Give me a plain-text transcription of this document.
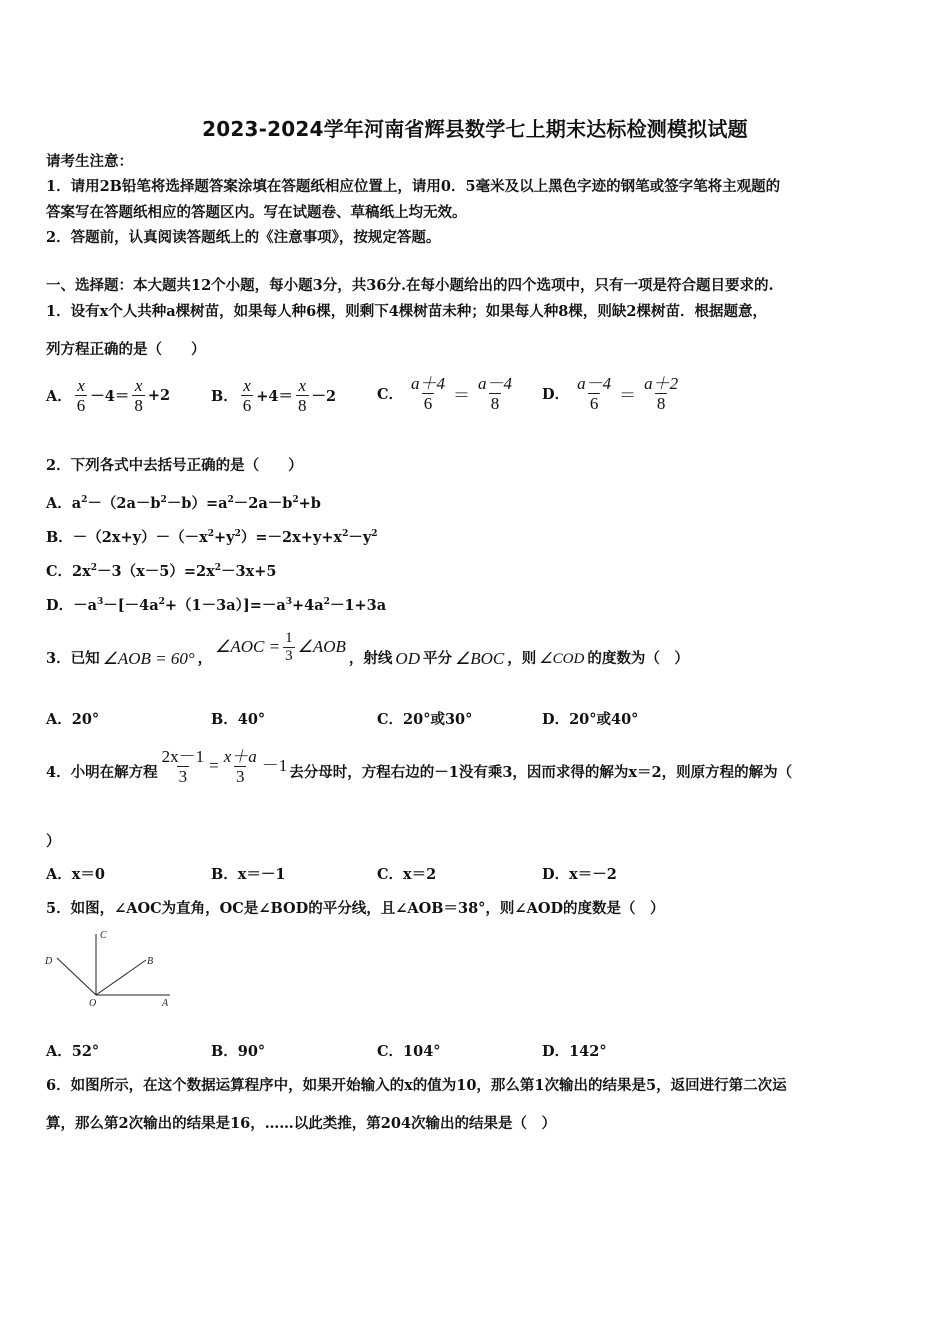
2023-2024学年河南省辉县数学七上期末达标检测模拟试题
请考生注意：
1．请用2B铅笔将选择题答案涂填在答题纸相应位置上，请用0．5毫米及以上黑色字迹的钢笔或签字笔将主观题的
答案写在答题纸相应的答题区内。写在试题卷、草稿纸上均无效。
2．答题前，认真阅读答题纸上的《注意事项》，按规定答题。
一、选择题：本大题共12个小题，每小题3分，共36分.在每小题给出的四个选项中，只有一项是符合题目要求的.
1．设有x个人共种a棵树苗，如果每人种6棵，则剩下4棵树苗未种；如果每人种8棵，则缺2棵树苗．根据题意，
列方程正确的是（　　）
A． $\frac{x}{6} -4= \frac{x}{8} +2$	B． $\frac{x}{6} +4= \frac{x}{8} -2$	C． $\frac{a+4}{6} = \frac{a-4}{8}$ D． $\frac{a-4}{6} = \frac{a+2}{8}$
2．下列各式中去括号正确的是（　　）
A．$a^2-(2a-b^2-b)=a^2-2a-b^2+b$
B．$-(2x+y)-(-x^2+y^2)=-2x+y+x^2-y^2$
C．$2x^2-3(x-5)=2x^2-3x+5$
D．$-a^3-[-4a^2+(1-3a)]=-a^3+4a^2-1+3a$
3．已知 ∠AOB = 60° ，
∠AOC = $\frac{1}{3}$ ∠AOB
，射线 OD 平分 ∠BOC ，则 ∠COD 的度数为（　）
A．20°	B．40°	C．20°或30°	D．20°或40°
4．小明在解方程 $\frac{2x-1}{3} = \frac{x+a}{3} -1$ 去分母时，方程右边的－1没有乘3，因而求得的解为x＝2，则原方程的解为（
）
A．x＝0	B．x＝－1	C．x＝2	D．x＝－2
5．如图，∠AOC为直角，OC是∠BOD的平分线，且∠AOB＝38°，则∠AOD的度数是（　）
C
D	B
O	A
A．52°	B．90°	C．104°	D．142°
6．如图所示，在这个数据运算程序中，如果开始输入的x的值为10，那么第1次输出的结果是5，返回进行第二次运
算，那么第2次输出的结果是16，……以此类推，第204次输出的结果是（　）
